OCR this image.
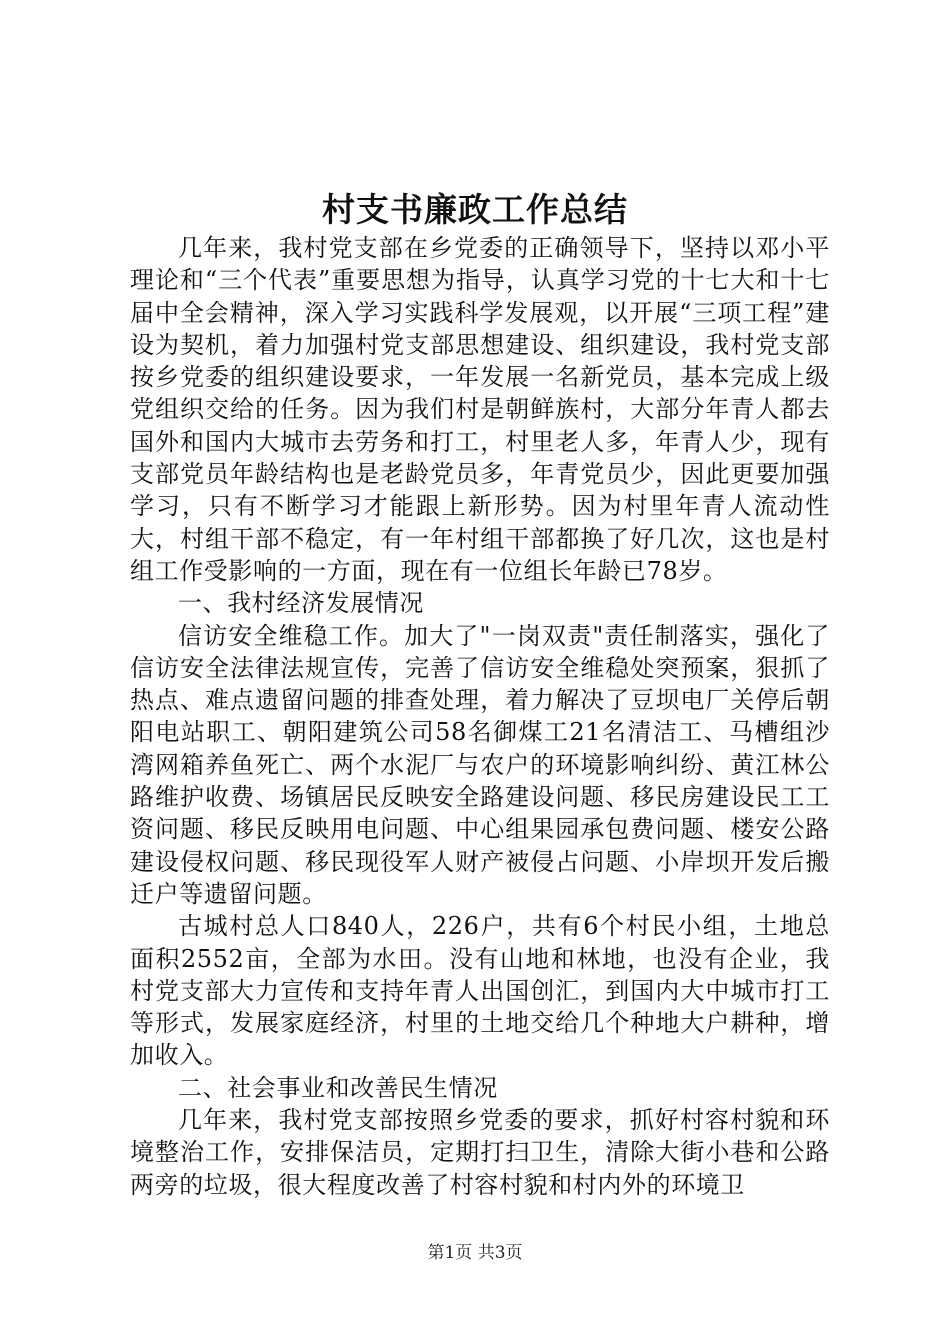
村支书廉政工作总结

几年来，我村党支部在乡党委的正确领导下，坚持以邓小平理论和“三个代表”重要思想为指导，认真学习党的十七大和十七届中全会精神，深入学习实践科学发展观，以开展“三项工程”建设为契机，着力加强村党支部思想建设、组织建设，我村党支部按乡党委的组织建设要求，一年发展一名新党员，基本完成上级党组织交给的任务。因为我们村是朝鲜族村，大部分年青人都去国外和国内大城市去劳务和打工，村里老人多，年青人少，现有支部党员年龄结构也是老龄党员多，年青党员少，因此更要加强学习，只有不断学习才能跟上新形势。因为村里年青人流动性大，村组干部不稳定，有一年村组干部都换了好几次，这也是村组工作受影响的一方面，现在有一位组长年龄已78岁。

一、我村经济发展情况

信访安全维稳工作。加大了"一岗双责"责任制落实，强化了信访安全法律法规宣传，完善了信访安全维稳处突预案，狠抓了热点、难点遗留问题的排查处理，着力解决了豆坝电厂关停后朝阳电站职工、朝阳建筑公司58名御煤工21名清洁工、马槽组沙湾网箱养鱼死亡、两个水泥厂与农户的环境影响纠纷、黄江林公路维护收费、场镇居民反映安全路建设问题、移民房建设民工工资问题、移民反映用电问题、中心组果园承包费问题、楼安公路建设侵权问题、移民现役军人财产被侵占问题、小岸坝开发后搬迁户等遗留问题。

古城村总人口840人，226户，共有6个村民小组，土地总面积2552亩，全部为水田。没有山地和林地，也没有企业，我村党支部大力宣传和支持年青人出国创汇，到国内大中城市打工等形式，发展家庭经济，村里的土地交给几个种地大户耕种，增加收入。

二、社会事业和改善民生情况

几年来，我村党支部按照乡党委的要求，抓好村容村貌和环境整治工作，安排保洁员，定期打扫卫生，清除大街小巷和公路两旁的垃圾，很大程度改善了村容村貌和村内外的环境卫

第1页 共3页
